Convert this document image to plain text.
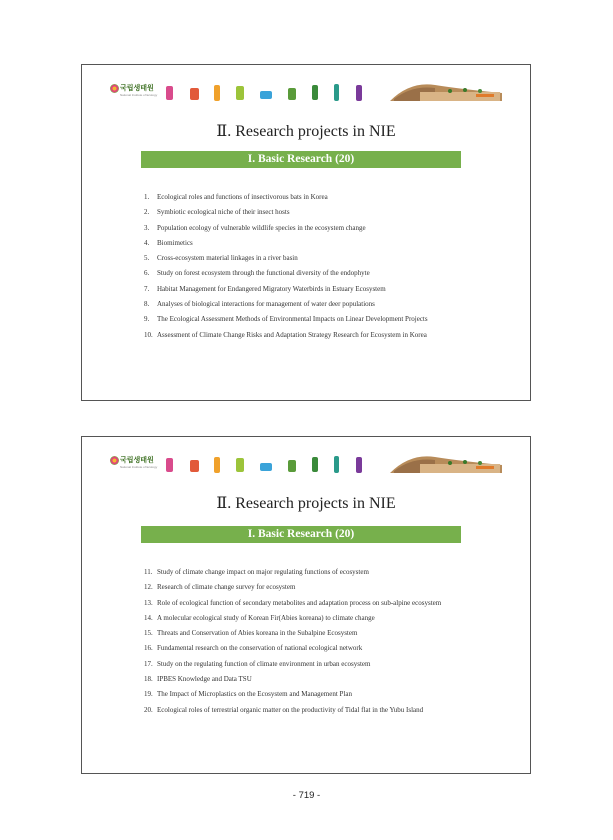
국립생태원
National Institute of Ecology
Ⅱ. Research projects in NIE
I. Basic Research (20)
1. Ecological roles and functions of insectivorous bats in Korea
2. Symbiotic ecological niche of their insect hosts
3. Population ecology of vulnerable wildlife species in the ecosystem change
4. Biomimetics
5. Cross-ecosystem material linkages in a river basin
6. Study on forest ecosystem through the functional diversity of the endophyte
7. Habitat Management for Endangered Migratory Waterbirds in Estuary Ecosystem
8. Analyses of biological interactions for management of water deer populations
9. The Ecological Assessment Methods of Environmental Impacts on Linear Development Projects
10. Assessment of Climate Change Risks and Adaptation Strategy Research for Ecosystem in Korea
국립생태원
National Institute of Ecology
Ⅱ. Research projects in NIE
I. Basic Research (20)
11. Study of climate change impact on major regulating functions of ecosystem
12. Research of climate change survey for ecosystem
13. Role of ecological function of secondary metabolites and adaptation process on sub-alpine ecosystem
14. A molecular ecological study of Korean Fir(Abies koreana) to climate change
15. Threats and Conservation of Abies koreana in the Subalpine Ecosystem
16. Fundamental research on the conservation of national ecological network
17. Study on the regulating function of climate environment in urban ecosystem
18. IPBES Knowledge and Data TSU
19. The Impact of Microplastics on the Ecosystem and Management Plan
20. Ecological roles of terrestrial organic matter on the productivity of Tidal flat in the Yubu Island
- 719 -
